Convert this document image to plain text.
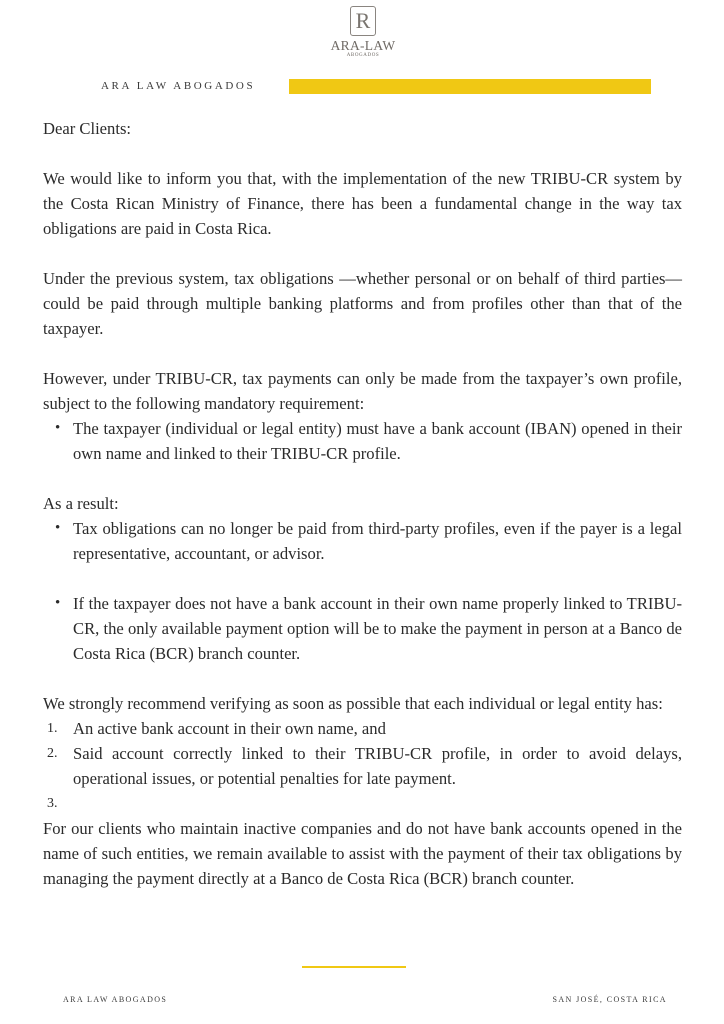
R
ARA-LAW
ABOGADOS
ARA LAW ABOGADOS

Dear Clients:

We would like to inform you that, with the implementation of the new TRIBU-CR system by the Costa Rican Ministry of Finance, there has been a fundamental change in the way tax obligations are paid in Costa Rica.

Under the previous system, tax obligations —whether personal or on behalf of third parties— could be paid through multiple banking platforms and from profiles other than that of the taxpayer.

However, under TRIBU-CR, tax payments can only be made from the taxpayer’s own profile, subject to the following mandatory requirement:

• The taxpayer (individual or legal entity) must have a bank account (IBAN) opened in their own name and linked to their TRIBU-CR profile.

As a result:

• Tax obligations can no longer be paid from third-party profiles, even if the payer is a legal representative, accountant, or advisor.
• If the taxpayer does not have a bank account in their own name properly linked to TRIBU-CR, the only available payment option will be to make the payment in person at a Banco de Costa Rica (BCR) branch counter.

We strongly recommend verifying as soon as possible that each individual or legal entity has:

1. An active bank account in their own name, and
2. Said account correctly linked to their TRIBU-CR profile, in order to avoid delays, operational issues, or potential penalties for late payment.
3.

For our clients who maintain inactive companies and do not have bank accounts opened in the name of such entities, we remain available to assist with the payment of their tax obligations by managing the payment directly at a Banco de Costa Rica (BCR) branch counter.

ARA LAW ABOGADOS	SAN JOSÉ, COSTA RICA
